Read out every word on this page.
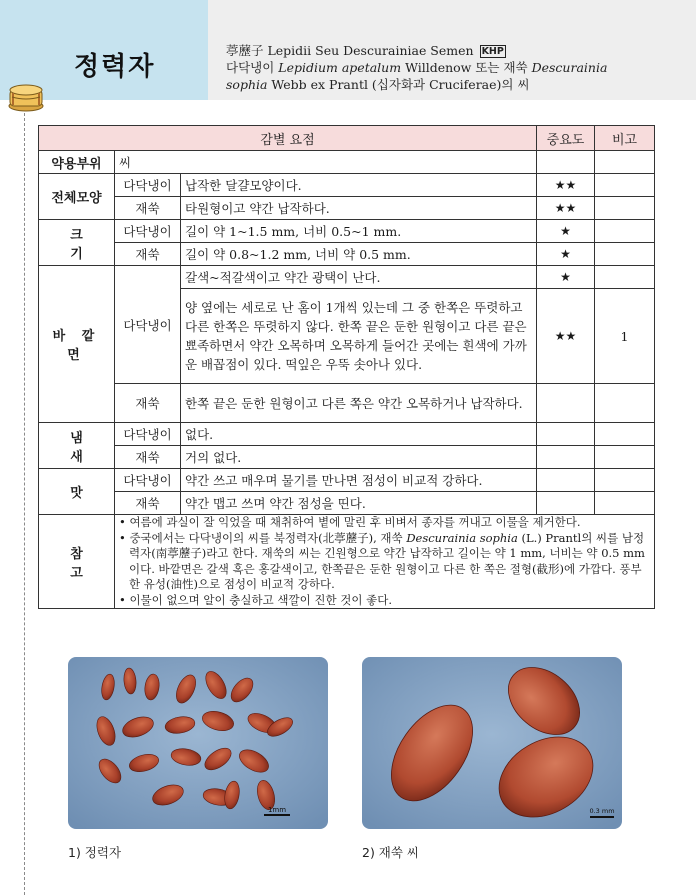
정력자
葶藶子 Lepidii Seu Descurainiae Semen KHP
다닥냉이 Lepidium apetalum Willdenow 또는 재쑥 Descurainia
sophia Webb ex Prantl (십자화과 Cruciferae)의 씨
감별 요점			중요도	비고
약용부위	씨			
전체모양	다닥냉이	납작한 달걀모양이다.	★★	
	재쑥	타원형이고 약간 납작하다.	★★	
크 기	다닥냉이	길이 약 1~1.5 mm, 너비 0.5~1 mm.	★	
	재쑥	길이 약 0.8~1.2 mm, 너비 약 0.5 mm.	★	
바 깥 면	다닥냉이	갈색~적갈색이고 약간 광택이 난다.	★	
		양 옆에는 세로로 난 홈이 1개씩 있는데 그 중 한쪽은 뚜렷하고 다른 한쪽은 뚜렷하지 않다. 한쪽 끝은 둔한 원형이고 다른 끝은 뾰족하면서 약간 오목하며 오목하게 들어간 곳에는 흰색에 가까운 배꼽점이 있다. 떡잎은 우뚝 솟아나 있다.	★★	1
	재쑥	한쪽 끝은 둔한 원형이고 다른 쪽은 약간 오목하거나 납작하다.		
냄 새	다닥냉이	없다.		
	재쑥	거의 없다.		
맛	다닥냉이	약간 쓰고 매우며 물기를 만나면 점성이 비교적 강하다.		
	재쑥	약간 맵고 쓰며 약간 점성을 띤다.		
참 고	• 여름에 과실이 잘 익었을 때 채취하여 볕에 말린 후 비벼서 종자를 꺼내고 이물을 제거한다.
• 중국에서는 다닥냉이의 씨를 북정력자(北葶藶子), 재쑥 Descurainia sophia (L.) Prantl의 씨를 남정력자(南葶藶子)라고 한다. 재쑥의 씨는 긴원형으로 약간 납작하고 길이는 약 1 mm, 너비는 약 0.5 mm이다. 바깥면은 갈색 혹은 홍갈색이고, 한쪽끝은 둔한 원형이고 다른 한 쪽은 절형(截形)에 가깝다. 풍부한 유성(油性)으로 점성이 비교적 강하다.
• 이물이 없으며 알이 충실하고 색깔이 진한 것이 좋다.			
1mm	0.3 mm
1) 정력자	2) 재쑥 씨
